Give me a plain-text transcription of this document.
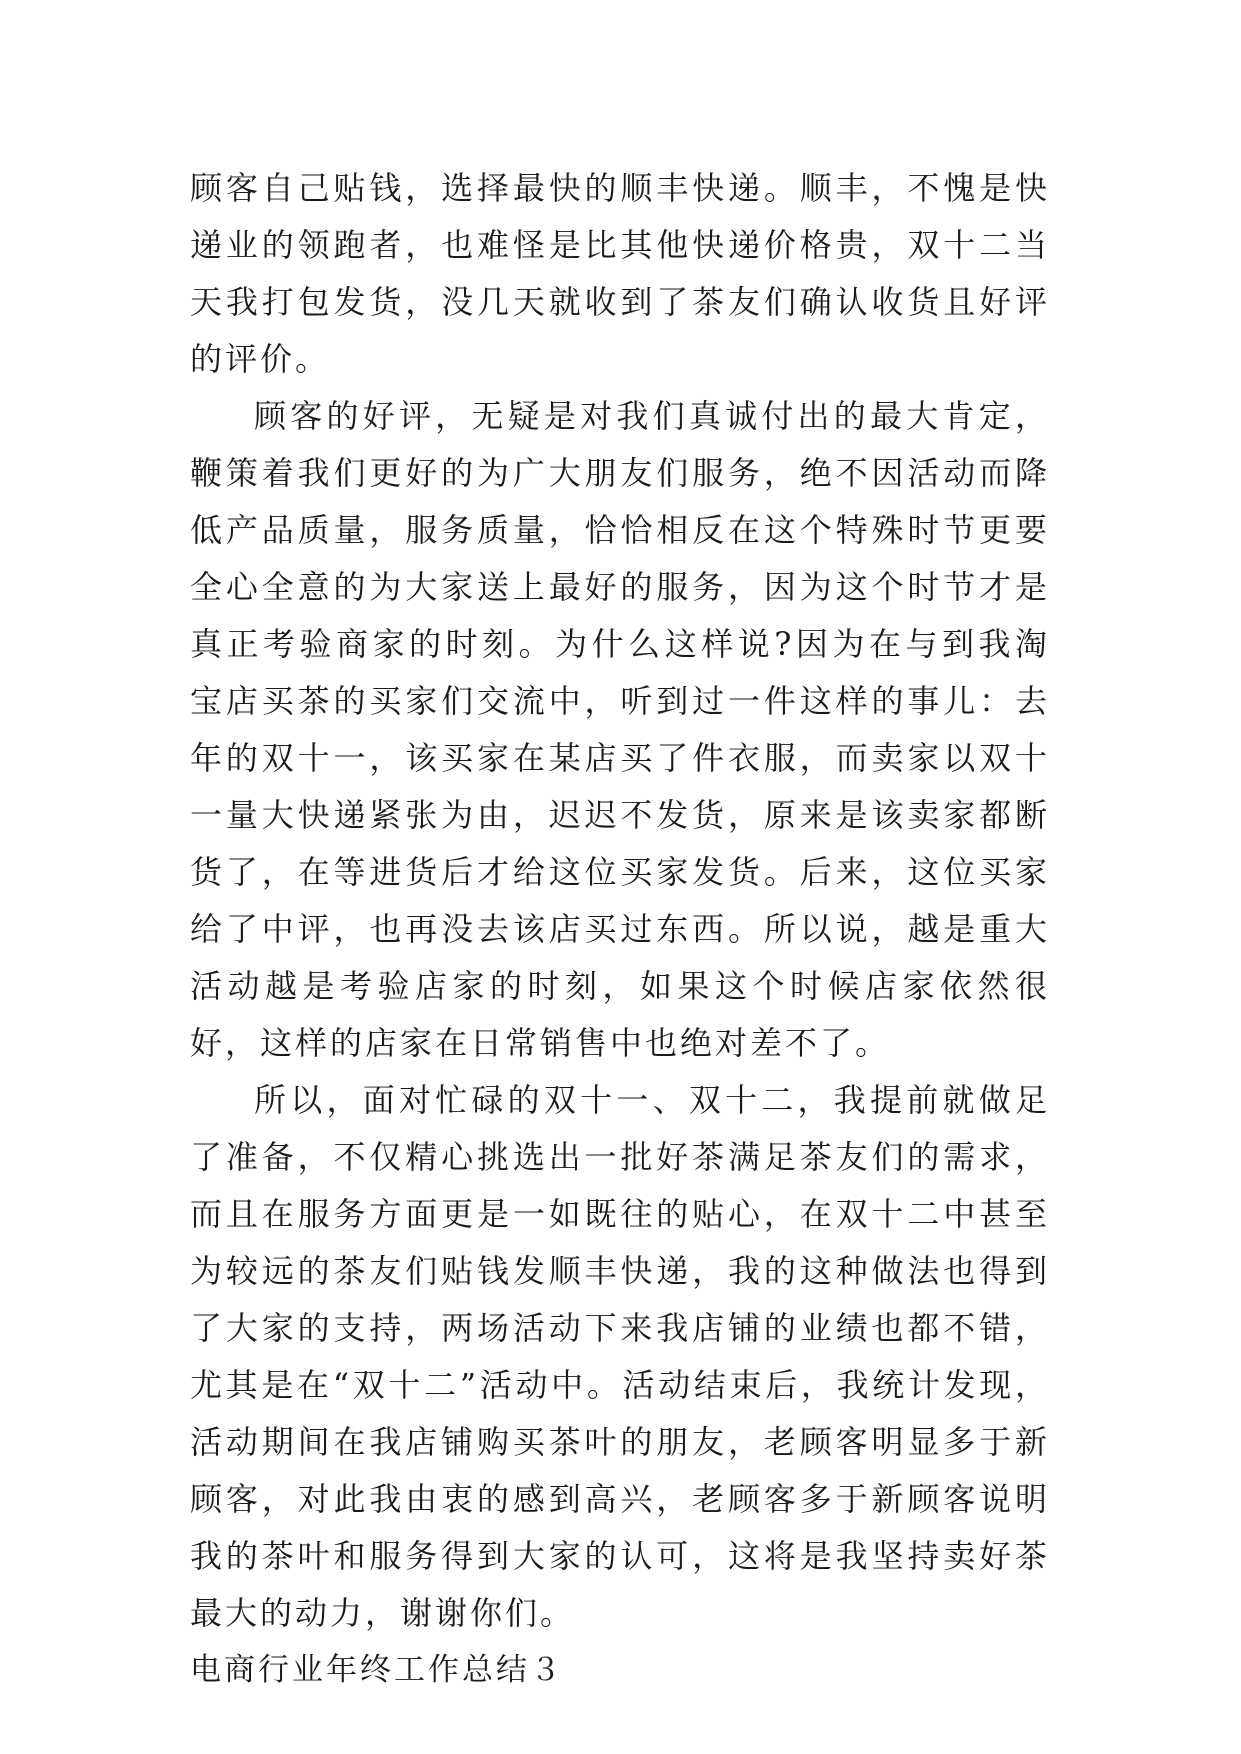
顾客自己贴钱，选择最快的顺丰快递。顺丰，不愧是快递业的领跑者，也难怪是比其他快递价格贵，双十二当天我打包发货，没几天就收到了茶友们确认收货且好评的评价。

顾客的好评，无疑是对我们真诚付出的最大肯定，鞭策着我们更好的为广大朋友们服务，绝不因活动而降低产品质量，服务质量，恰恰相反在这个特殊时节更要全心全意的为大家送上最好的服务，因为这个时节才是真正考验商家的时刻。为什么这样说?因为在与到我淘宝店买茶的买家们交流中，听到过一件这样的事儿：去年的双十一，该买家在某店买了件衣服，而卖家以双十一量大快递紧张为由，迟迟不发货，原来是该卖家都断货了，在等进货后才给这位买家发货。后来，这位买家给了中评，也再没去该店买过东西。所以说，越是重大活动越是考验店家的时刻，如果这个时候店家依然很好，这样的店家在日常销售中也绝对差不了。

所以，面对忙碌的双十一、双十二，我提前就做足了准备，不仅精心挑选出一批好茶满足茶友们的需求，而且在服务方面更是一如既往的贴心，在双十二中甚至为较远的茶友们贴钱发顺丰快递，我的这种做法也得到了大家的支持，两场活动下来我店铺的业绩也都不错，尤其是在“双十二”活动中。活动结束后，我统计发现，活动期间在我店铺购买茶叶的朋友，老顾客明显多于新顾客，对此我由衷的感到高兴，老顾客多于新顾客说明我的茶叶和服务得到大家的认可，这将是我坚持卖好茶最大的动力，谢谢你们。

电商行业年终工作总结３
